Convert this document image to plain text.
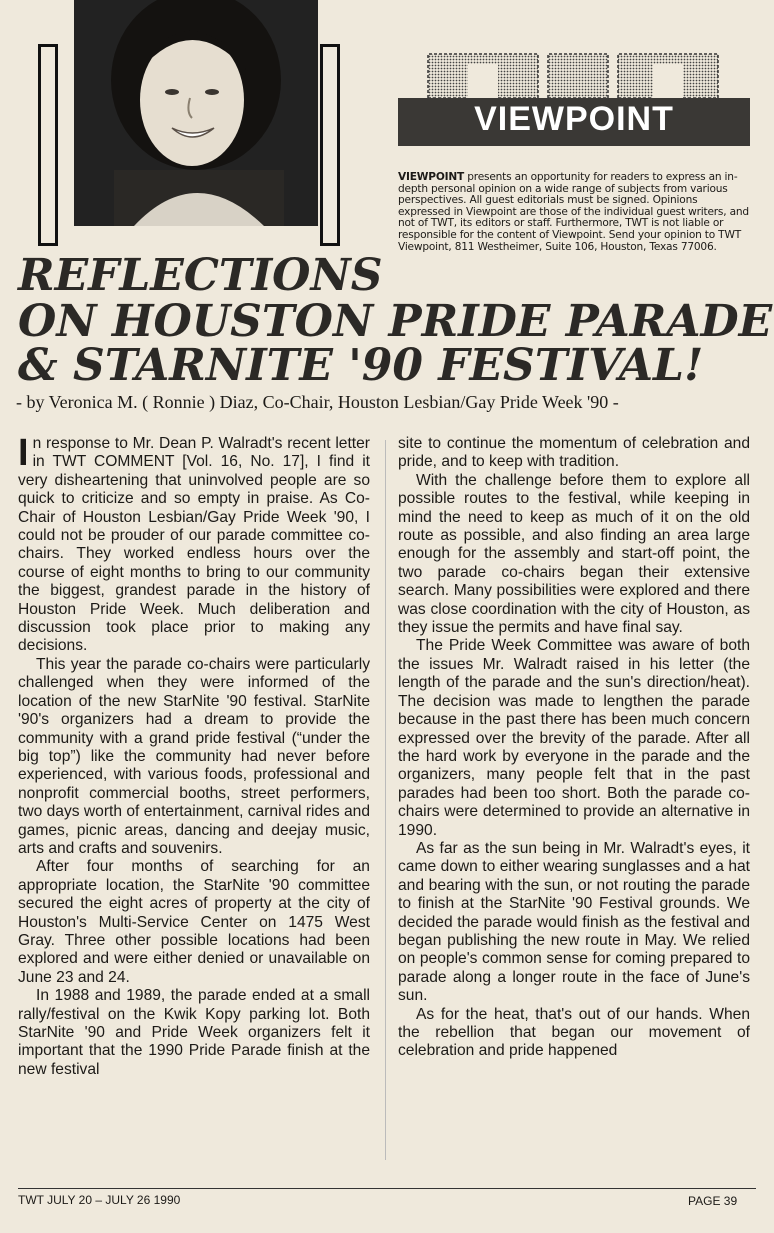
VIEWPOINT
VIEWPOINT presents an opportunity for readers to express an in-depth personal opinion on a wide range of subjects from various perspectives. All guest editorials must be signed. Opinions expressed in Viewpoint are those of the individual guest writers, and not of TWT, its editors or staff. Furthermore, TWT is not liable or responsible for the content of Viewpoint. Send your opinion to TWT Viewpoint, 811 Westheimer, Suite 106, Houston, Texas 77006.
REFLECTIONS
ON HOUSTON PRIDE PARADE
& STARNITE '90 FESTIVAL!
- by Veronica M. ( Ronnie ) Diaz, Co-Chair, Houston Lesbian/Gay Pride Week '90 -

In response to Mr. Dean P. Walradt's recent letter in TWT COMMENT [Vol. 16, No. 17], I find it very disheartening that uninvolved people are so quick to criticize and so empty in praise. As Co-Chair of Houston Lesbian/Gay Pride Week '90, I could not be prouder of our parade committee co-chairs. They worked endless hours over the course of eight months to bring to our community the biggest, grandest parade in the history of Houston Pride Week. Much deliberation and discussion took place prior to making any decisions.

This year the parade co-chairs were particularly challenged when they were informed of the location of the new StarNite '90 festival. StarNite '90's organizers had a dream to provide the community with a grand pride festival (“under the big top”) like the community had never before experienced, with various foods, professional and nonprofit commercial booths, street performers, two days worth of entertainment, carnival rides and games, picnic areas, dancing and deejay music, arts and crafts and souvenirs.

After four months of searching for an appropriate location, the StarNite '90 committee secured the eight acres of property at the city of Houston's Multi-Service Center on 1475 West Gray. Three other possible locations had been explored and were either denied or unavailable on June 23 and 24.

In 1988 and 1989, the parade ended at a small rally/festival on the Kwik Kopy parking lot. Both StarNite '90 and Pride Week organizers felt it important that the 1990 Pride Parade finish at the new festival

site to continue the momentum of celebration and pride, and to keep with tradition.

With the challenge before them to explore all possible routes to the festival, while keeping in mind the need to keep as much of it on the old route as possible, and also finding an area large enough for the assembly and start-off point, the two parade co-chairs began their extensive search. Many possibilities were explored and there was close coordination with the city of Houston, as they issue the permits and have final say.

The Pride Week Committee was aware of both the issues Mr. Walradt raised in his letter (the length of the parade and the sun's direction/heat). The decision was made to lengthen the parade because in the past there has been much concern expressed over the brevity of the parade. After all the hard work by everyone in the parade and the organizers, many people felt that in the past parades had been too short. Both the parade co-chairs were determined to provide an alternative in 1990.

As far as the sun being in Mr. Walradt's eyes, it came down to either wearing sunglasses and a hat and bearing with the sun, or not routing the parade to finish at the StarNite '90 Festival grounds. We decided the parade would finish as the festival and began publishing the new route in May. We relied on people's common sense for coming prepared to parade along a longer route in the face of June's sun.

As for the heat, that's out of our hands. When the rebellion that began our movement of celebration and pride happened

TWT JULY 20 – JULY 26 1990	PAGE 39
